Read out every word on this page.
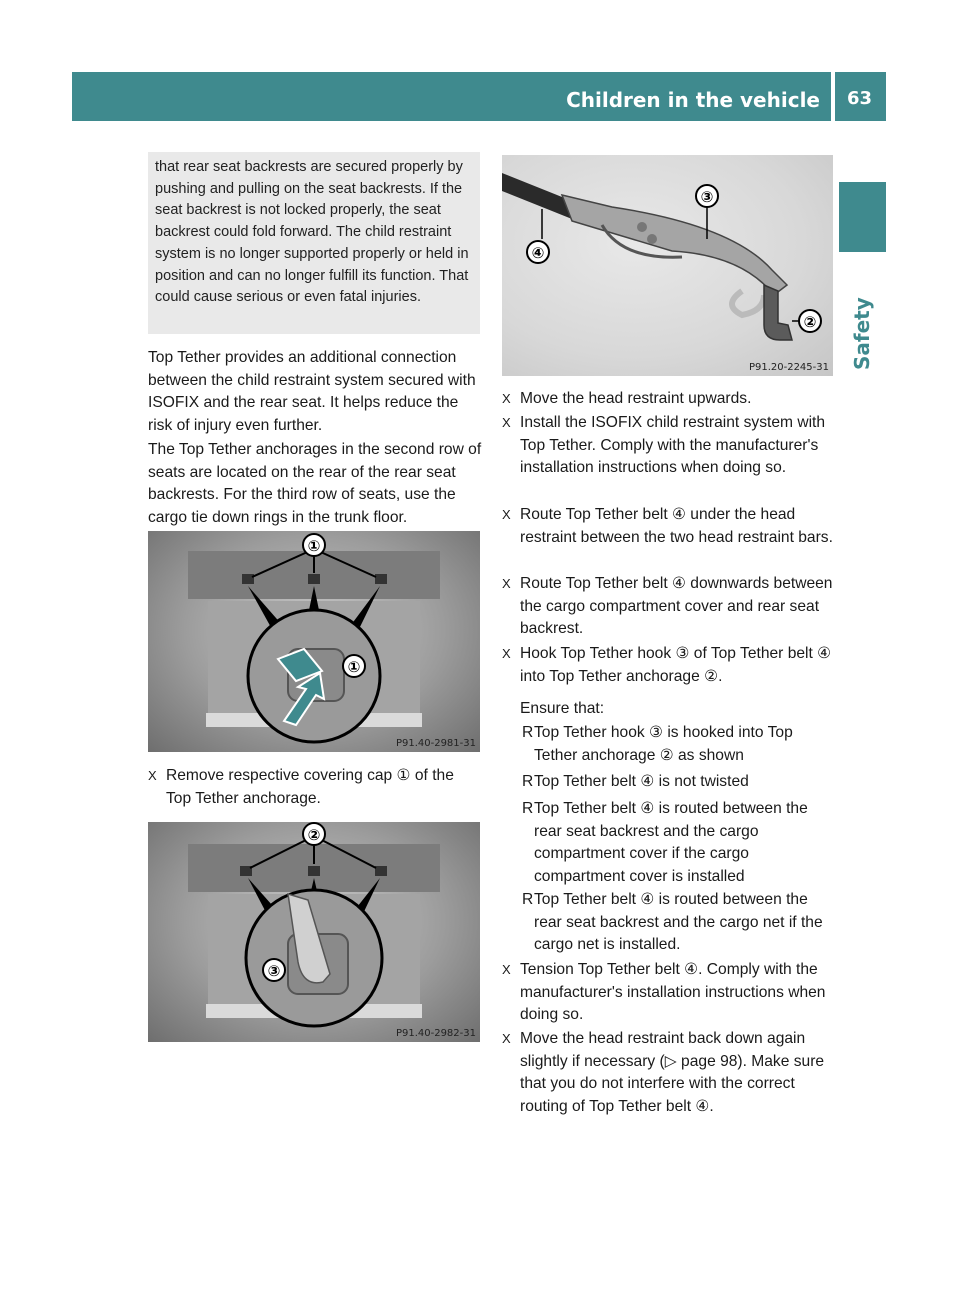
Children in the vehicle 63
Safety
that rear seat backrests are secured properly by pushing and pulling on the seat backrests. If the seat backrest is not locked properly, the seat backrest could fold forward. The child restraint system is no longer supported properly or held in position and can no longer fulfill its function. That could cause serious or even fatal injuries.
Top Tether provides an additional connection between the child restraint system secured with ISOFIX and the rear seat. It helps reduce the risk of injury even further.
The Top Tether anchorages in the second row of seats are located on the rear of the rear seat backrests. For the third row of seats, use the cargo tie down rings in the trunk floor.
①
①
P91.40-2981-31
X Remove respective covering cap ① of the Top Tether anchorage.
②
③
P91.40-2982-31
③
④
②
P91.20-2245-31
X Move the head restraint upwards.
X Install the ISOFIX child restraint system with Top Tether. Comply with the manufacturer's installation instructions when doing so.
X Route Top Tether belt ④ under the head restraint between the two head restraint bars.
X Route Top Tether belt ④ downwards between the cargo compartment cover and rear seat backrest.
X Hook Top Tether hook ③ of Top Tether belt ④ into Top Tether anchorage ②.
Ensure that:
R Top Tether hook ③ is hooked into Top Tether anchorage ② as shown
R Top Tether belt ④ is not twisted
R Top Tether belt ④ is routed between the rear seat backrest and the cargo compartment cover if the cargo compartment cover is installed
R Top Tether belt ④ is routed between the rear seat backrest and the cargo net if the cargo net is installed.
X Tension Top Tether belt ④. Comply with the manufacturer's installation instructions when doing so.
X Move the head restraint back down again slightly if necessary (▷ page 98). Make sure that you do not interfere with the correct routing of Top Tether belt ④.
